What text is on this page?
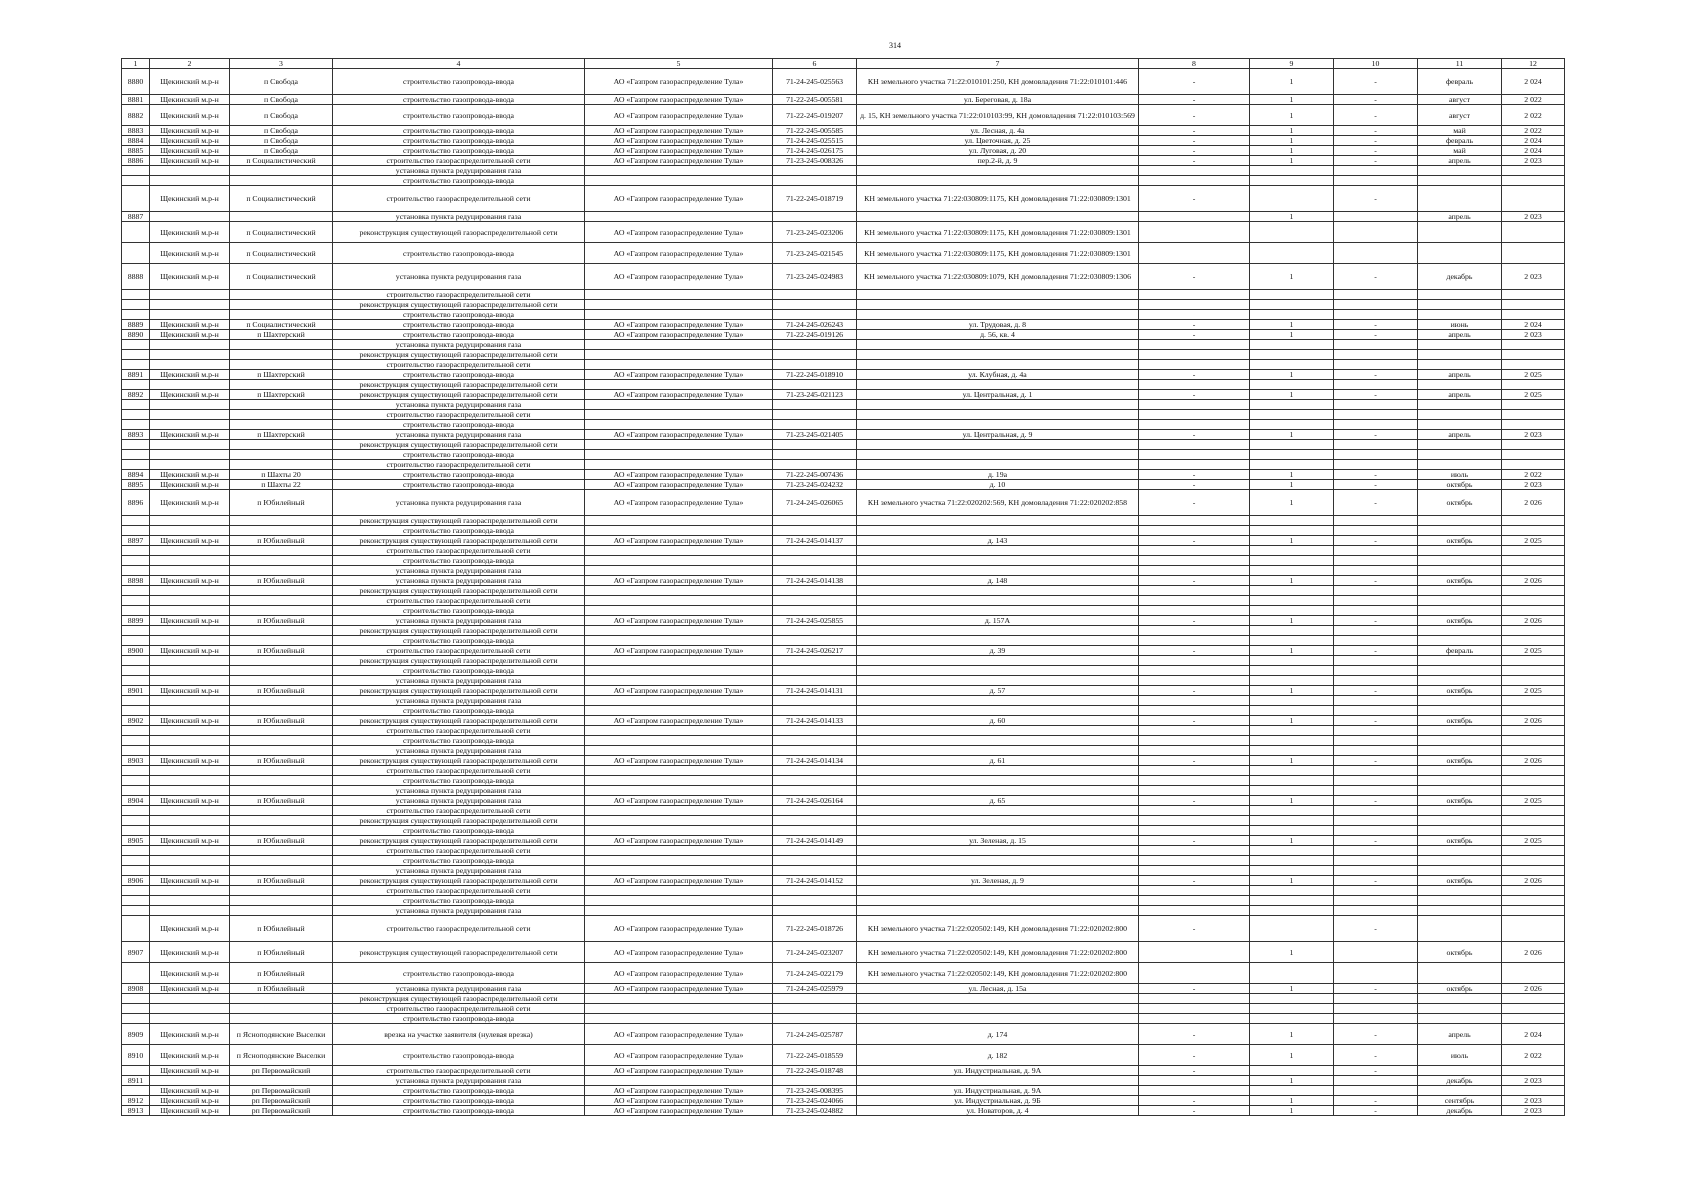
314
1	2	3	4	5	6	7	8	9	10	11	12
8880	Щекинский м.р-н	п Свобода	строительство газопровода-ввода	АО «Газпром газораспределение Тула»	71-24-245-025563	КН земельного участка 71:22:010101:250, КН домовладения 71:22:010101:446	-	1	-	февраль	2 024
8881	Щекинский м.р-н	п Свобода	строительство газопровода-ввода	АО «Газпром газораспределение Тула»	71-22-245-005581	ул. Береговая, д. 18а	-	1	-	август	2 022
8882	Щекинский м.р-н	п Свобода	строительство газопровода-ввода	АО «Газпром газораспределение Тула»	71-22-245-019207	д. 15, КН земельного участка 71:22:010103:99, КН домовладения 71:22:010103:569	-	1	-	август	2 022
8883	Щекинский м.р-н	п Свобода	строительство газопровода-ввода	АО «Газпром газораспределение Тула»	71-22-245-005585	ул. Лесная, д. 4а	-	1	-	май	2 022
8884	Щекинский м.р-н	п Свобода	строительство газопровода-ввода	АО «Газпром газораспределение Тула»	71-24-245-025515	ул. Цветочная, д. 25	-	1	-	февраль	2 024
8885	Щекинский м.р-н	п Свобода	строительство газопровода-ввода	АО «Газпром газораспределение Тула»	71-24-245-026175	ул. Луговая, д. 20	-	1	-	май	2 024
8886	Щекинский м.р-н	п Социалистический	строительство газораспределительной сети	АО «Газпром газораспределение Тула»	71-23-245-008326	пер.2-й, д. 9	-	1	-	апрель	2 023
			установка пункта редуцирования газа								
			строительство газопровода-ввода								
	Щекинский м.р-н	п Социалистический	строительство газораспределительной сети	АО «Газпром газораспределение Тула»	71-22-245-018719	КН земельного участка 71:22:030809:1175, КН домовладения 71:22:030809:1301	-		-		
8887			установка пункта редуцирования газа					1		апрель	2 023
	Щекинский м.р-н	п Социалистический	реконструкция существующей газораспределительной сети	АО «Газпром газораспределение Тула»	71-23-245-023206	КН земельного участка 71:22:030809:1175, КН домовладения 71:22:030809:1301					
	Щекинский м.р-н	п Социалистический	строительство газопровода-ввода	АО «Газпром газораспределение Тула»	71-23-245-021545	КН земельного участка 71:22:030809:1175, КН домовладения 71:22:030809:1301					
8888	Щекинский м.р-н	п Социалистический	установка пункта редуцирования газа	АО «Газпром газораспределение Тула»	71-23-245-024983	КН земельного участка 71:22:030809:1079, КН домовладения 71:22:030809:1306	-	1	-	декабрь	2 023
			строительство газораспределительной сети								
			реконструкция существующей газораспределительной сети								
			строительство газопровода-ввода								
8889	Щекинский м.р-н	п Социалистический	строительство газопровода-ввода	АО «Газпром газораспределение Тула»	71-24-245-026243	ул. Трудовая, д. 8	-	1	-	июнь	2 024
8890	Щекинский м.р-н	п Шахтерский	строительство газопровода-ввода	АО «Газпром газораспределение Тула»	71-22-245-019126	д. 56, кв. 4	-	1	-	апрель	2 023
			установка пункта редуцирования газа								
			реконструкция существующей газораспределительной сети								
			строительство газораспределительной сети								
8891	Щекинский м.р-н	п Шахтерский	строительство газопровода-ввода	АО «Газпром газораспределение Тула»	71-22-245-018910	ул. Клубная, д. 4а	-	1	-	апрель	2 025
			реконструкция существующей газораспределительной сети								
8892	Щекинский м.р-н	п Шахтерский	реконструкция существующей газораспределительной сети	АО «Газпром газораспределение Тула»	71-23-245-021123	ул. Центральная, д. 1	-	1	-	апрель	2 025
			установка пункта редуцирования газа								
			строительство газораспределительной сети								
			строительство газопровода-ввода								
8893	Щекинский м.р-н	п Шахтерский	установка пункта редуцирования газа	АО «Газпром газораспределение Тула»	71-23-245-021405	ул. Центральная, д. 9	-	1	-	апрель	2 023
			реконструкция существующей газораспределительной сети								
			строительство газопровода-ввода								
			строительство газораспределительной сети								
8894	Щекинский м.р-н	п Шахты 20	строительство газопровода-ввода	АО «Газпром газораспределение Тула»	71-22-245-007436	д. 19а	-	1	-	июль	2 022
8895	Щекинский м.р-н	п Шахты 22	строительство газопровода-ввода	АО «Газпром газораспределение Тула»	71-23-245-024232	д. 10	-	1	-	октябрь	2 023
8896	Щекинский м.р-н	п Юбилейный	установка пункта редуцирования газа	АО «Газпром газораспределение Тула»	71-24-245-026065	КН земельного участка 71:22:020202:569, КН домовладения 71:22:020202:858	-	1	-	октябрь	2 026
			реконструкция существующей газораспределительной сети								
			строительство газопровода-ввода								
8897	Щекинский м.р-н	п Юбилейный	реконструкция существующей газораспределительной сети	АО «Газпром газораспределение Тула»	71-24-245-014137	д. 143	-	1	-	октябрь	2 025
			строительство газораспределительной сети								
			строительство газопровода-ввода								
			установка пункта редуцирования газа								
8898	Щекинский м.р-н	п Юбилейный	установка пункта редуцирования газа	АО «Газпром газораспределение Тула»	71-24-245-014138	д. 148	-	1	-	октябрь	2 026
			реконструкция существующей газораспределительной сети								
			строительство газораспределительной сети								
			строительство газопровода-ввода								
8899	Щекинский м.р-н	п Юбилейный	установка пункта редуцирования газа	АО «Газпром газораспределение Тула»	71-24-245-025855	д. 157А	-	1	-	октябрь	2 026
			реконструкция существующей газораспределительной сети								
			строительство газопровода-ввода								
8900	Щекинский м.р-н	п Юбилейный	строительство газораспределительной сети	АО «Газпром газораспределение Тула»	71-24-245-026217	д. 39	-	1	-	февраль	2 025
			реконструкция существующей газораспределительной сети								
			строительство газопровода-ввода								
			установка пункта редуцирования газа								
8901	Щекинский м.р-н	п Юбилейный	реконструкция существующей газораспределительной сети	АО «Газпром газораспределение Тула»	71-24-245-014131	д. 57	-	1	-	октябрь	2 025
			установка пункта редуцирования газа								
			строительство газопровода-ввода								
8902	Щекинский м.р-н	п Юбилейный	реконструкция существующей газораспределительной сети	АО «Газпром газораспределение Тула»	71-24-245-014133	д. 60	-	1	-	октябрь	2 026
			строительство газораспределительной сети								
			строительство газопровода-ввода								
			установка пункта редуцирования газа								
8903	Щекинский м.р-н	п Юбилейный	реконструкция существующей газораспределительной сети	АО «Газпром газораспределение Тула»	71-24-245-014134	д. 61	-	1	-	октябрь	2 026
			строительство газораспределительной сети								
			строительство газопровода-ввода								
			установка пункта редуцирования газа								
8904	Щекинский м.р-н	п Юбилейный	установка пункта редуцирования газа	АО «Газпром газораспределение Тула»	71-24-245-026164	д. 65	-	1	-	октябрь	2 025
			строительство газораспределительной сети								
			реконструкция существующей газораспределительной сети								
			строительство газопровода-ввода								
8905	Щекинский м.р-н	п Юбилейный	реконструкция существующей газораспределительной сети	АО «Газпром газораспределение Тула»	71-24-245-014149	ул. Зеленая, д. 15	-	1	-	октябрь	2 025
			строительство газораспределительной сети								
			строительство газопровода-ввода								
			установка пункта редуцирования газа								
8906	Щекинский м.р-н	п Юбилейный	реконструкция существующей газораспределительной сети	АО «Газпром газораспределение Тула»	71-24-245-014152	ул. Зеленая, д. 9	-	1	-	октябрь	2 026
			строительство газораспределительной сети								
			строительство газопровода-ввода								
			установка пункта редуцирования газа								
	Щекинский м.р-н	п Юбилейный	строительство газораспределительной сети	АО «Газпром газораспределение Тула»	71-22-245-018726	КН земельного участка 71:22:020502:149, КН домовладения 71:22:020202:800	-		-		
8907	Щекинский м.р-н	п Юбилейный	реконструкция существующей газораспределительной сети	АО «Газпром газораспределение Тула»	71-24-245-023207	КН земельного участка 71:22:020502:149, КН домовладения 71:22:020202:800		1		октябрь	2 026
	Щекинский м.р-н	п Юбилейный	строительство газопровода-ввода	АО «Газпром газораспределение Тула»	71-24-245-022179	КН земельного участка 71:22:020502:149, КН домовладения 71:22:020202:800					
8908	Щекинский м.р-н	п Юбилейный	установка пункта редуцирования газа	АО «Газпром газораспределение Тула»	71-24-245-025979	ул. Лесная, д. 15а	-	1	-	октябрь	2 026
			реконструкция существующей газораспределительной сети								
			строительство газораспределительной сети								
			строительство газопровода-ввода								
8909	Щекинский м.р-н	п Ясноподянские Выселки	врезка на участке заявителя (нулевая врезка)	АО «Газпром газораспределение Тула»	71-24-245-025787	д. 174	-	1	-	апрель	2 024
8910	Щекинский м.р-н	п Ясноподянские Выселки	строительство газопровода-ввода	АО «Газпром газораспределение Тула»	71-22-245-018559	д. 182	-	1	-	июль	2 022
	Щекинский м.р-н	рп Первомайский	строительство газораспределительной сети	АО «Газпром газораспределение Тула»	71-22-245-018748	ул. Индустриальная, д. 9А	-		-		
8911			установка пункта редуцирования газа					1		декабрь	2 023
	Щекинский м.р-н	рп Первомайский	строительство газопровода-ввода	АО «Газпром газораспределение Тула»	71-23-245-008395	ул. Индустриальная, д. 9А					
8912	Щекинский м.р-н	рп Первомайский	строительство газопровода-ввода	АО «Газпром газораспределение Тула»	71-23-245-024066	ул. Индустриальная, д. 9Б	-	1	-	сентябрь	2 023
8913	Щекинский м.р-н	рп Первомайский	строительство газопровода-ввода	АО «Газпром газораспределение Тула»	71-23-245-024882	ул. Новаторов, д. 4	-	1	-	декабрь	2 023
